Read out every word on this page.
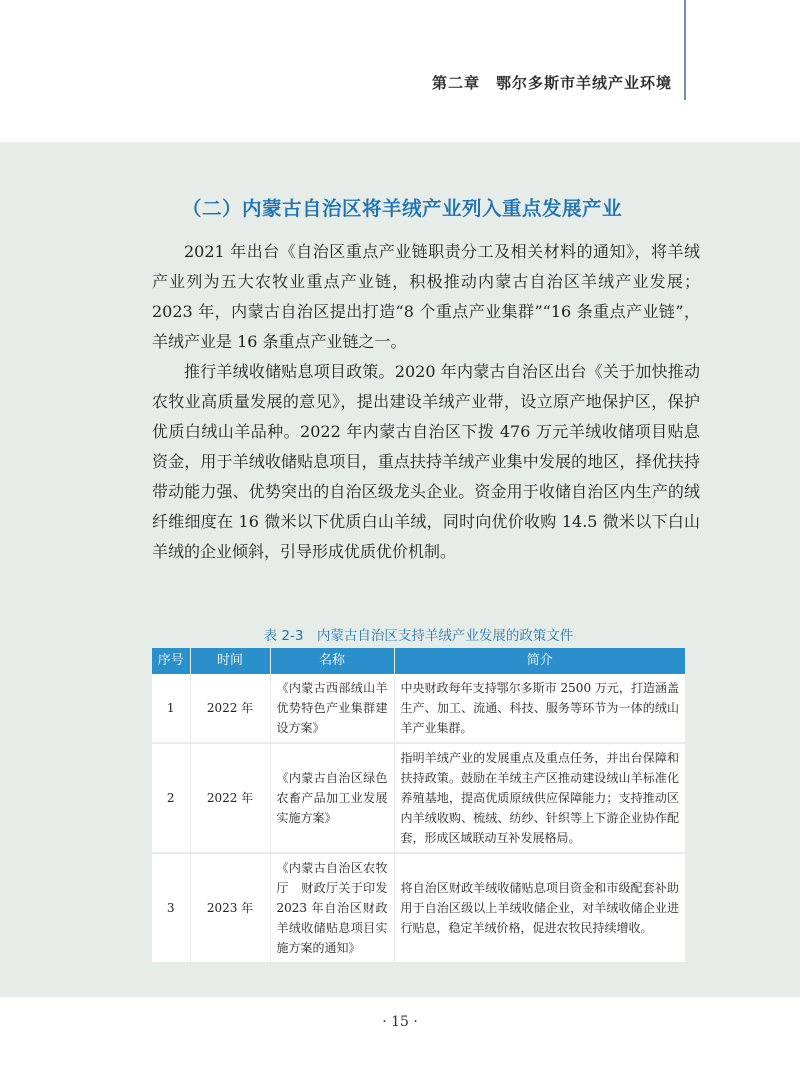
第二章　鄂尔多斯市羊绒产业环境
（二）内蒙古自治区将羊绒产业列入重点发展产业

2021 年出台《自治区重点产业链职责分工及相关材料的通知》，将羊绒产业列为五大农牧业重点产业链，积极推动内蒙古自治区羊绒产业发展；2023 年，内蒙古自治区提出打造“8 个重点产业集群”“16 条重点产业链”，羊绒产业是 16 条重点产业链之一。

推行羊绒收储贴息项目政策。2020 年内蒙古自治区出台《关于加快推动农牧业高质量发展的意见》，提出建设羊绒产业带，设立原产地保护区，保护优质白绒山羊品种。2022 年内蒙古自治区下拨 476 万元羊绒收储项目贴息资金，用于羊绒收储贴息项目，重点扶持羊绒产业集中发展的地区，择优扶持带动能力强、优势突出的自治区级龙头企业。资金用于收储自治区内生产的绒纤维细度在 16 微米以下优质白山羊绒，同时向优价收购 14.5 微米以下白山羊绒的企业倾斜，引导形成优质优价机制。

表 2-3　内蒙古自治区支持羊绒产业发展的政策文件
序号	时间	名称	简介
1	2022 年	《内蒙古西部绒山羊优势特色产业集群建设方案》	中央财政每年支持鄂尔多斯市 2500 万元，打造涵盖生产、加工、流通、科技、服务等环节为一体的绒山羊产业集群。
2	2022 年	《内蒙古自治区绿色农畜产品加工业发展实施方案》	指明羊绒产业的发展重点及重点任务，并出台保障和扶持政策。鼓励在羊绒主产区推动建设绒山羊标准化养殖基地，提高优质原绒供应保障能力；支持推动区内羊绒收购、梳绒、纺纱、针织等上下游企业协作配套，形成区域联动互补发展格局。
3	2023 年	《内蒙古自治区农牧厅　财政厅关于印发 2023 年自治区财政羊绒收储贴息项目实施方案的通知》	将自治区财政羊绒收储贴息项目资金和市级配套补助用于自治区级以上羊绒收储企业，对羊绒收储企业进行贴息，稳定羊绒价格，促进农牧民持续增收。
· 15 ·
